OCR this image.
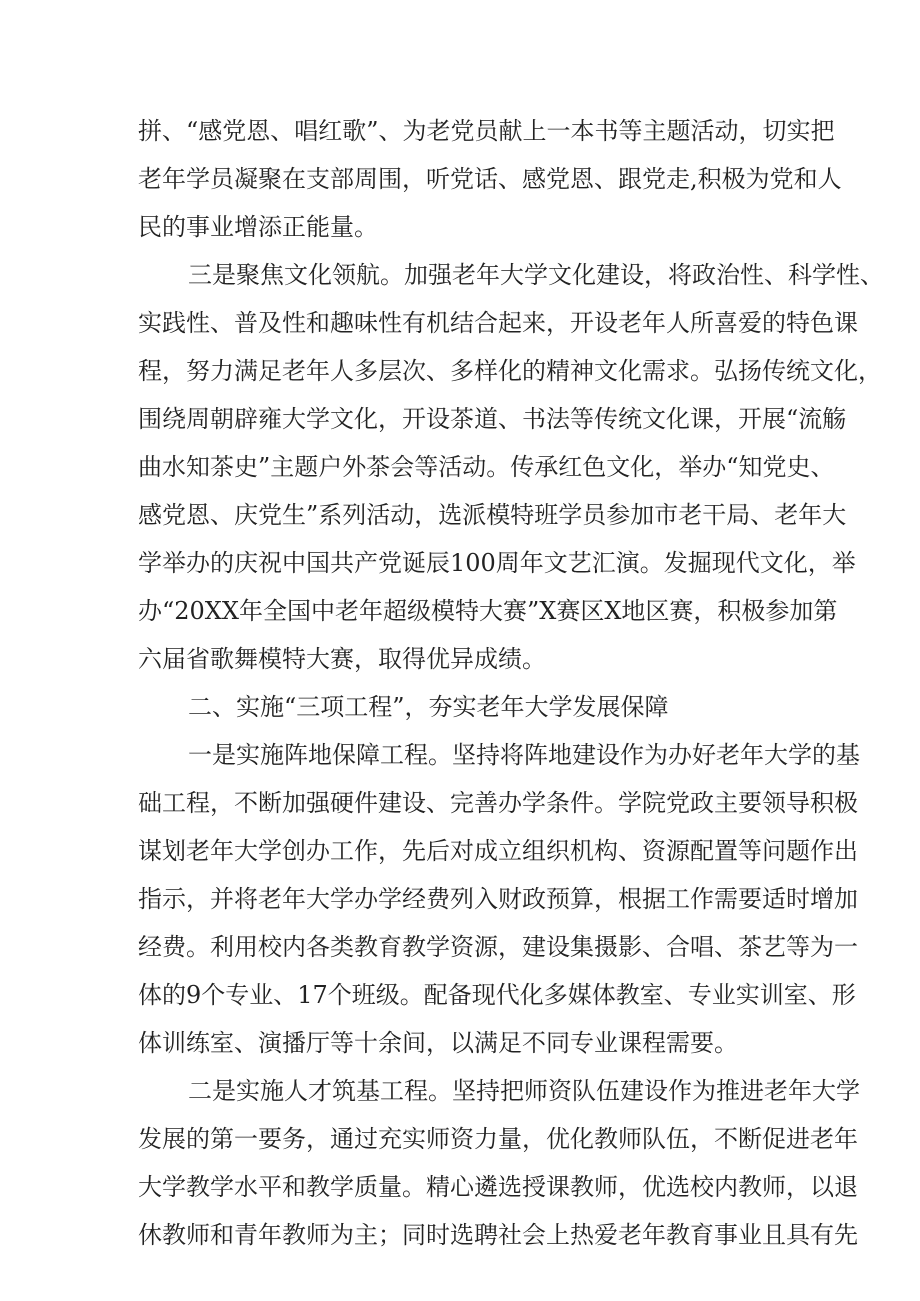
拼、“感党恩、唱红歌”、为老党员献上一本书等主题活动，切实把
老年学员凝聚在支部周围，听党话、感党恩、跟党走,积极为党和人
民的事业增添正能量。
三是聚焦文化领航。加强老年大学文化建设，将政治性、科学性、
实践性、普及性和趣味性有机结合起来，开设老年人所喜爱的特色课
程，努力满足老年人多层次、多样化的精神文化需求。弘扬传统文化，
围绕周朝辟雍大学文化，开设茶道、书法等传统文化课，开展“流觞
曲水知茶史”主题户外茶会等活动。传承红色文化，举办“知党史、
感党恩、庆党生”系列活动，选派模特班学员参加市老干局、老年大
学举办的庆祝中国共产党诞辰100周年文艺汇演。发掘现代文化，举
办“20XX年全国中老年超级模特大赛”X赛区X地区赛，积极参加第
六届省歌舞模特大赛，取得优异成绩。
二、实施“三项工程”，夯实老年大学发展保障
一是实施阵地保障工程。坚持将阵地建设作为办好老年大学的基
础工程，不断加强硬件建设、完善办学条件。学院党政主要领导积极
谋划老年大学创办工作，先后对成立组织机构、资源配置等问题作出
指示，并将老年大学办学经费列入财政预算，根据工作需要适时增加
经费。利用校内各类教育教学资源，建设集摄影、合唱、茶艺等为一
体的9个专业、17个班级。配备现代化多媒体教室、专业实训室、形
体训练室、演播厅等十余间，以满足不同专业课程需要。
二是实施人才筑基工程。坚持把师资队伍建设作为推进老年大学
发展的第一要务，通过充实师资力量，优化教师队伍，不断促进老年
大学教学水平和教学质量。精心遴选授课教师，优选校内教师，以退
休教师和青年教师为主；同时选聘社会上热爱老年教育事业且具有先
